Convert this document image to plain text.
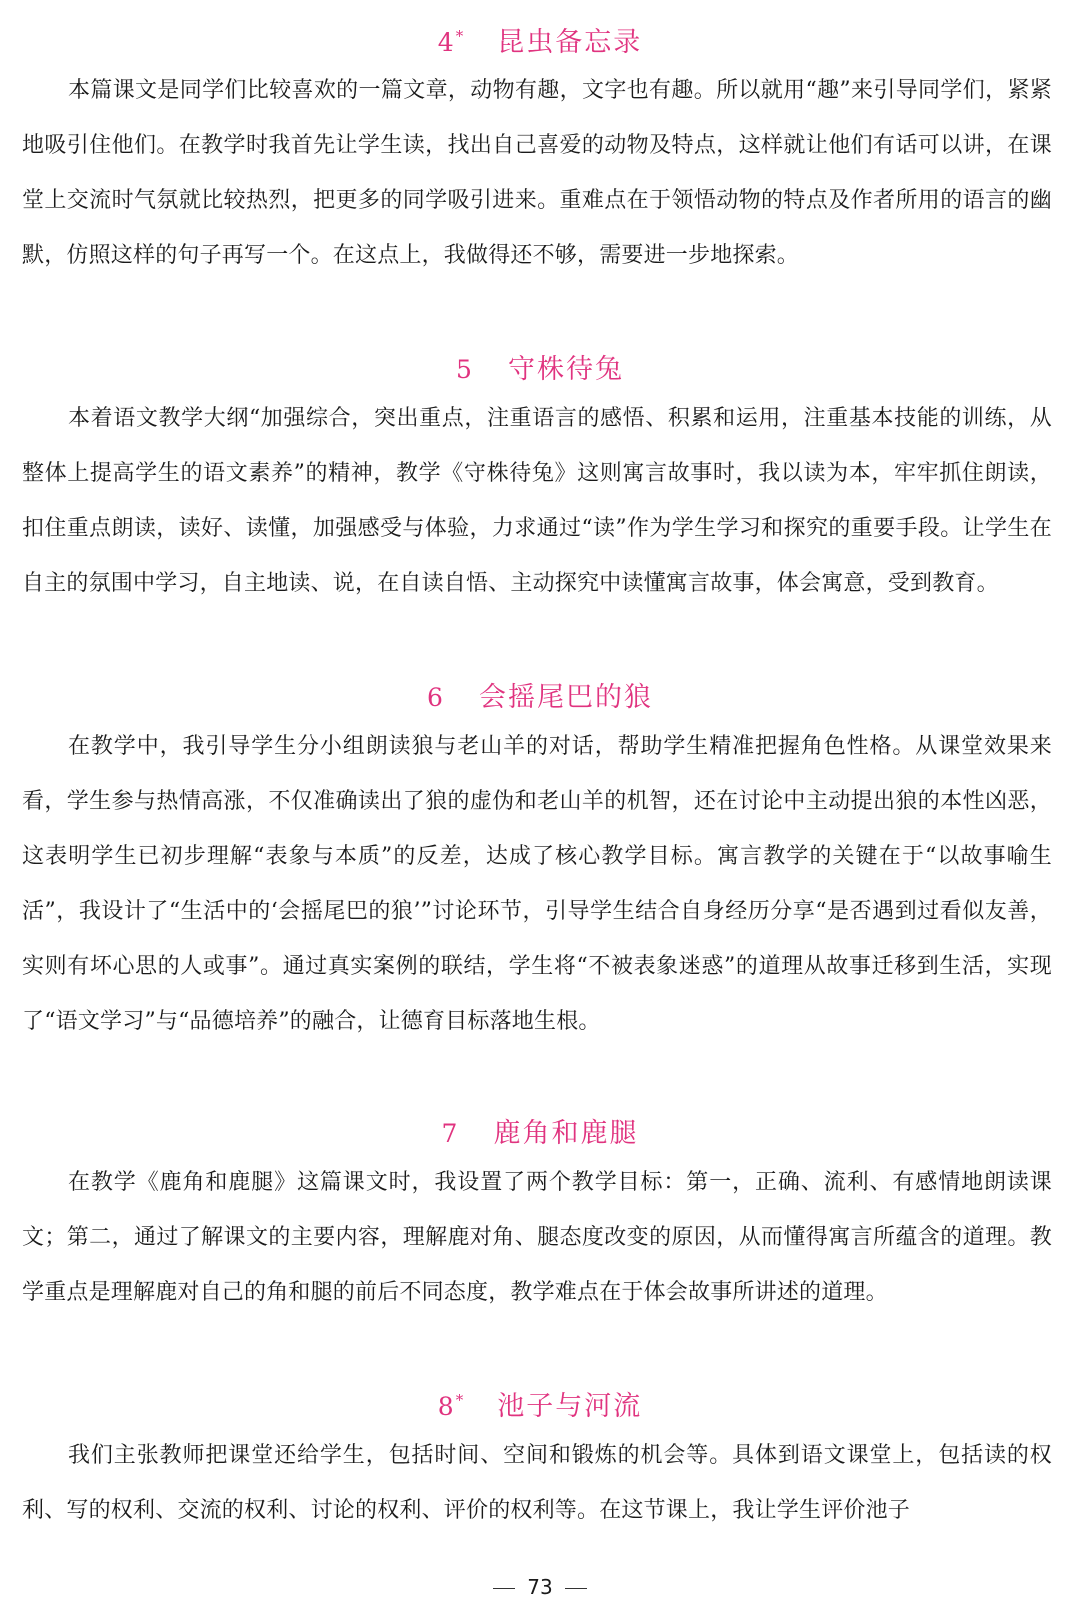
4 * 昆虫备忘录

本篇课文是同学们比较喜欢的一篇文章，动物有趣，文字也有趣。所以就用“趣”来引导同学们，紧紧地吸引住他们。在教学时我首先让学生读，找出自己喜爱的动物及特点，这样就让他们有话可以讲，在课堂上交流时气氛就比较热烈，把更多的同学吸引进来。重难点在于领悟动物的特点及作者所用的语言的幽默，仿照这样的句子再写一个。在这点上，我做得还不够，需要进一步地探索。

5 守株待兔

本着语文教学大纲“加强综合，突出重点，注重语言的感悟、积累和运用，注重基本技能的训练，从整体上提高学生的语文素养”的精神，教学《守株待兔》这则寓言故事时，我以读为本，牢牢抓住朗读，扣住重点朗读，读好、读懂，加强感受与体验，力求通过“读”作为学生学习和探究的重要手段。让学生在自主的氛围中学习，自主地读、说，在自读自悟、主动探究中读懂寓言故事，体会寓意，受到教育。

6 会摇尾巴的狼

在教学中，我引导学生分小组朗读狼与老山羊的对话，帮助学生精准把握角色性格。从课堂效果来看，学生参与热情高涨，不仅准确读出了狼的虚伪和老山羊的机智，还在讨论中主动提出狼的本性凶恶，这表明学生已初步理解“表象与本质”的反差，达成了核心教学目标。寓言教学的关键在于“以故事喻生活”，我设计了“生活中的‘会摇尾巴的狼’”讨论环节，引导学生结合自身经历分享“是否遇到过看似友善，实则有坏心思的人或事”。通过真实案例的联结，学生将“不被表象迷惑”的道理从故事迁移到生活，实现了“语文学习”与“品德培养”的融合，让德育目标落地生根。

7 鹿角和鹿腿

在教学《鹿角和鹿腿》这篇课文时，我设置了两个教学目标：第一，正确、流利、有感情地朗读课文；第二，通过了解课文的主要内容，理解鹿对角、腿态度改变的原因，从而懂得寓言所蕴含的道理。教学重点是理解鹿对自己的角和腿的前后不同态度，教学难点在于体会故事所讲述的道理。

8 * 池子与河流

我们主张教师把课堂还给学生，包括时间、空间和锻炼的机会等。具体到语文课堂上，包括读的权利、写的权利、交流的权利、讨论的权利、评价的权利等。在这节课上，我让学生评价池子

73
